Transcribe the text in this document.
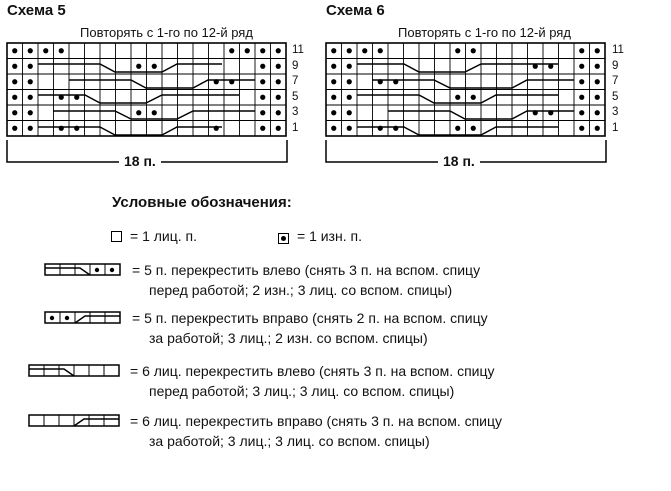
Схема 5
Повторять с 1-го по 12-й ряд
11
9
7
5
3
1
18 п.
Схема 6
Повторять с 1-го по 12-й ряд
11
9
7
5
3
1
18 п.
Условные обозначения:
= 1 лиц. п.	= 1 изн. п.
= 5 п. перекрестить влево (снять 3 п. на вспом. спицу
перед работой; 2 изн.; 3 лиц. со вспом. спицы)
= 5 п. перекрестить вправо (снять 2 п. на вспом. спицу
за работой; 3 лиц.; 2 изн. со вспом. спицы)
= 6 лиц. перекрестить влево (снять 3 п. на вспом. спицу
перед работой; 3 лиц.; 3 лиц. со вспом. спицы)
= 6 лиц. перекрестить вправо (снять 3 п. на вспом. спицу
за работой; 3 лиц.; 3 лиц. со вспом. спицы)
